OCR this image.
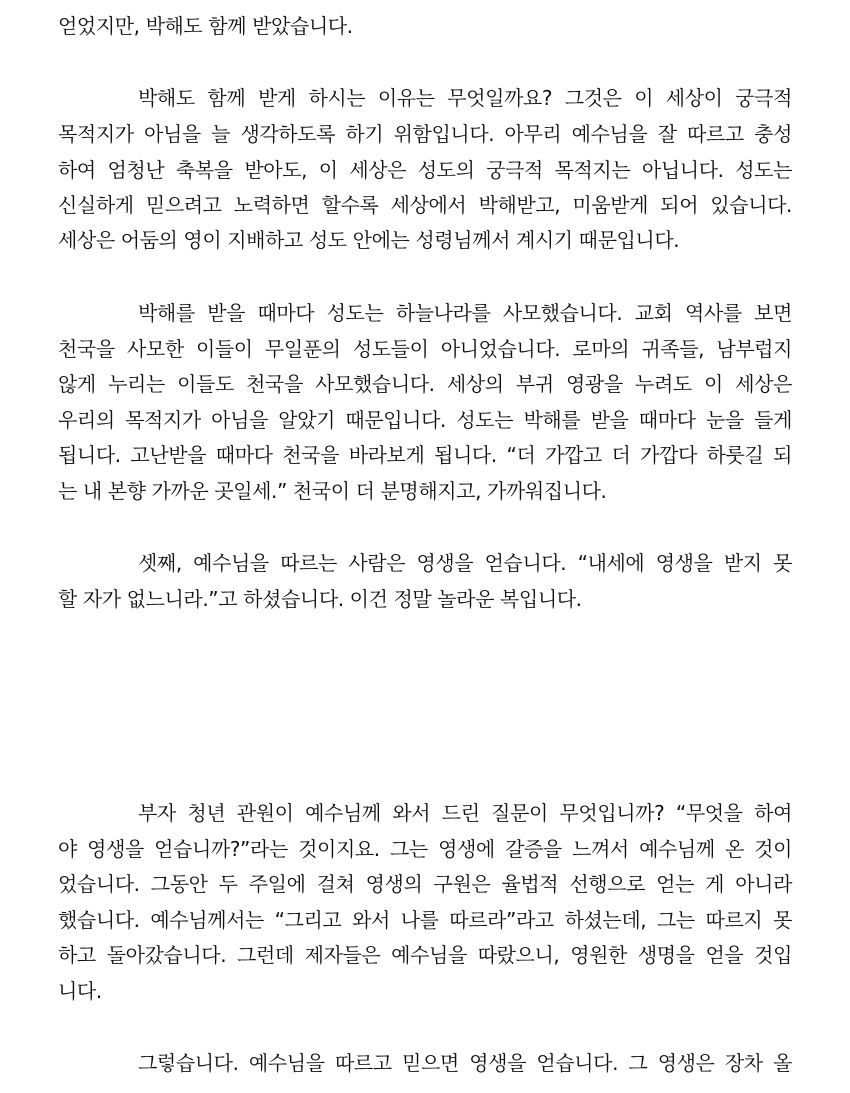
얻었지만, 박해도 함께 받았습니다.
박해도 함께 받게 하시는 이유는 무엇일까요? 그것은 이 세상이 궁극적
목적지가 아님을 늘 생각하도록 하기 위함입니다. 아무리 예수님을 잘 따르고 충성
하여 엄청난 축복을 받아도, 이 세상은 성도의 궁극적 목적지는 아닙니다. 성도는
신실하게 믿으려고 노력하면 할수록 세상에서 박해받고, 미움받게 되어 있습니다.
세상은 어둠의 영이 지배하고 성도 안에는 성령님께서 계시기 때문입니다.
박해를 받을 때마다 성도는 하늘나라를 사모했습니다. 교회 역사를 보면
천국을 사모한 이들이 무일푼의 성도들이 아니었습니다. 로마의 귀족들, 남부럽지
않게 누리는 이들도 천국을 사모했습니다. 세상의 부귀 영광을 누려도 이 세상은
우리의 목적지가 아님을 알았기 때문입니다. 성도는 박해를 받을 때마다 눈을 들게
됩니다. 고난받을 때마다 천국을 바라보게 됩니다. “더 가깝고 더 가깝다 하룻길 되
는 내 본향 가까운 곳일세.” 천국이 더 분명해지고, 가까워집니다.
셋째, 예수님을 따르는 사람은 영생을 얻습니다. “내세에 영생을 받지 못
할 자가 없느니라.”고 하셨습니다. 이건 정말 놀라운 복입니다.
부자 청년 관원이 예수님께 와서 드린 질문이 무엇입니까? “무엇을 하여
야 영생을 얻습니까?”라는 것이지요. 그는 영생에 갈증을 느껴서 예수님께 온 것이
었습니다. 그동안 두 주일에 걸쳐 영생의 구원은 율법적 선행으로 얻는 게 아니라
했습니다. 예수님께서는 “그리고 와서 나를 따르라”라고 하셨는데, 그는 따르지 못
하고 돌아갔습니다. 그런데 제자들은 예수님을 따랐으니, 영원한 생명을 얻을 것입
니다.
그렇습니다. 예수님을 따르고 믿으면 영생을 얻습니다. 그 영생은 장차 올
